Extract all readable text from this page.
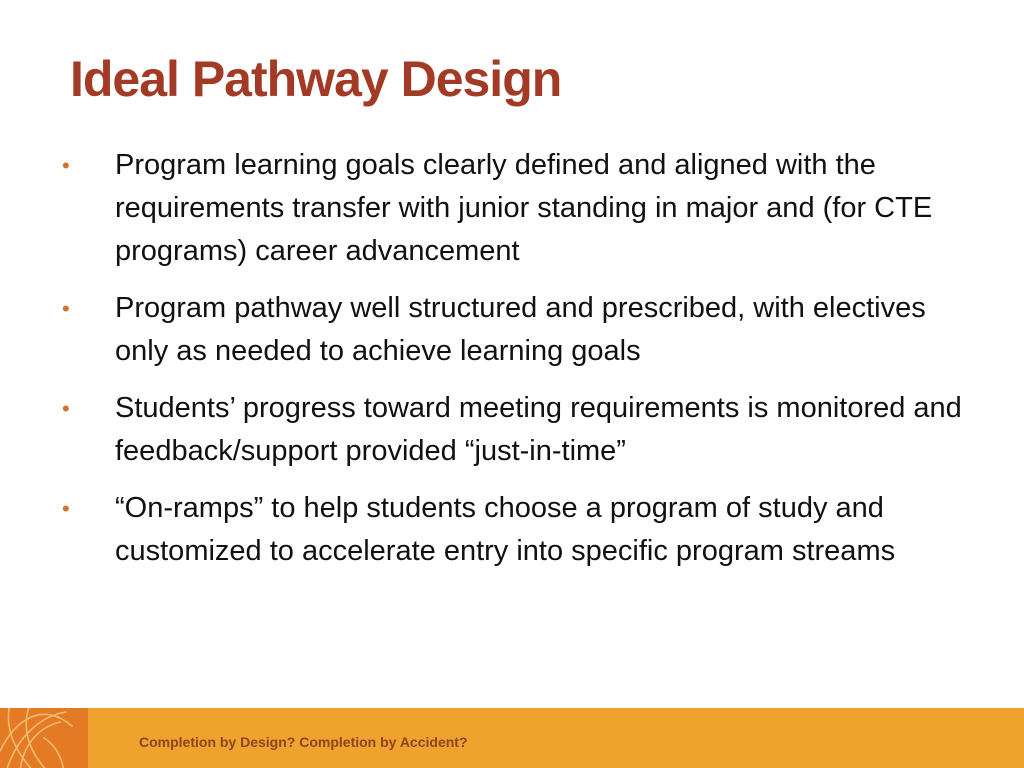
Ideal Pathway Design
•	Program learning goals clearly defined and aligned with the requirements transfer with junior standing in major and (for CTE programs) career advancement
•	Program pathway well structured and prescribed, with electives only as needed to achieve learning goals
•	Students’ progress toward meeting requirements is monitored and feedback/support provided “just-in-time”
•	“On-ramps” to help students choose a program of study and customized to accelerate entry into specific program streams
Completion by Design? Completion by Accident?
